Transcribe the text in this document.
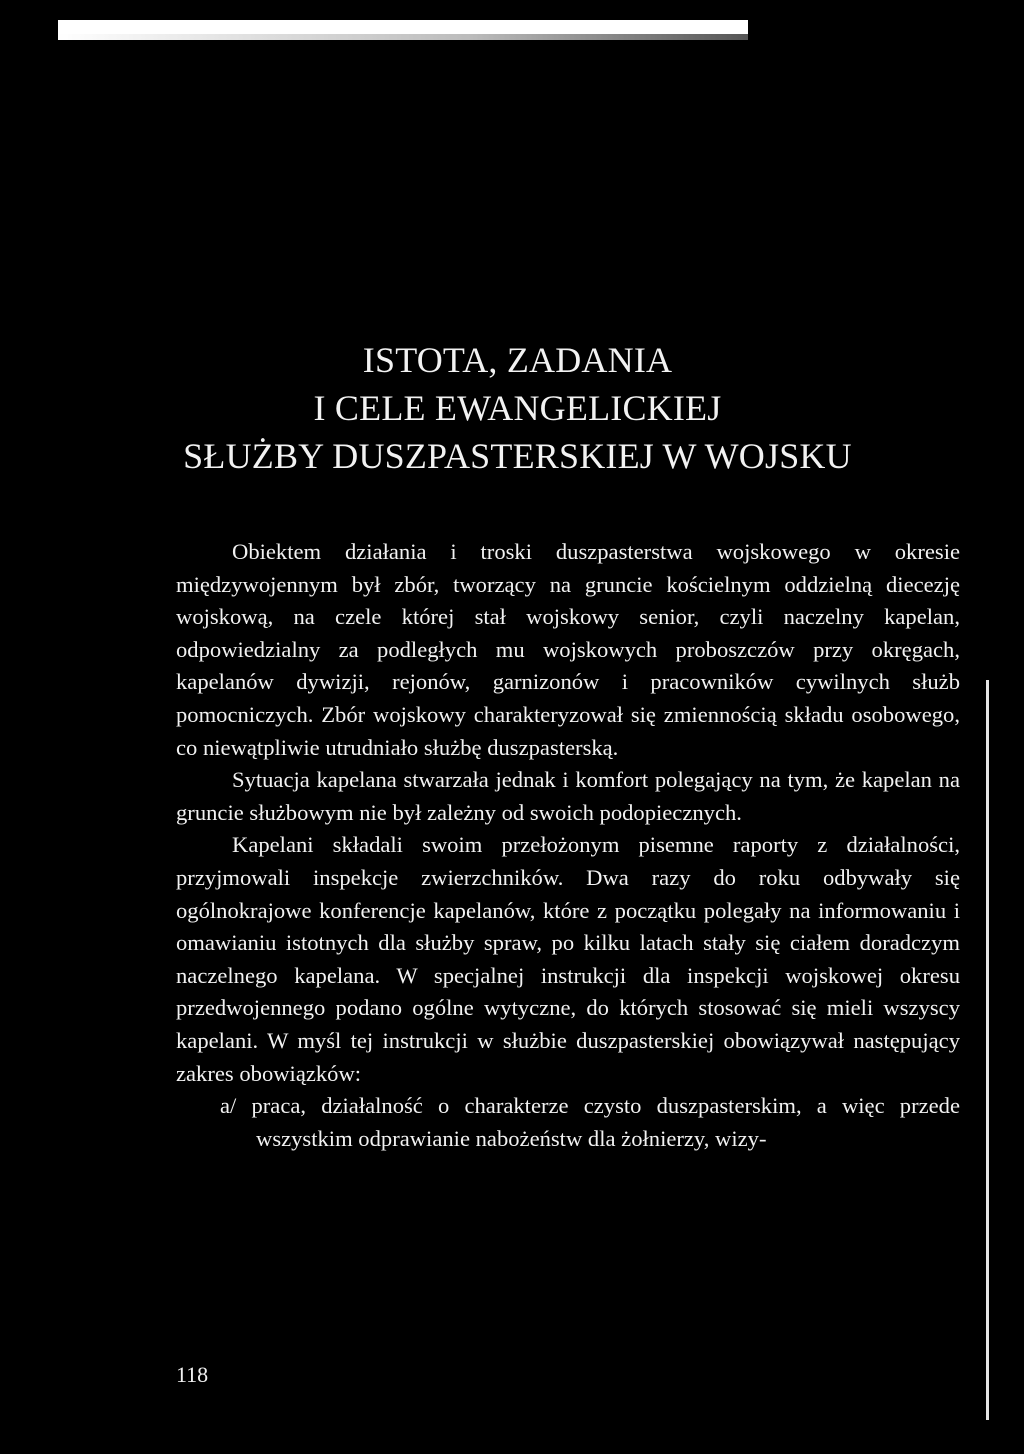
ISTOTA, ZADANIA
I CELE EWANGELICKIEJ
SŁUŻBY DUSZPASTERSKIEJ W WOJSKU

Obiektem działania i troski duszpasterstwa wojskowego w okresie międzywojennym był zbór, tworzący na gruncie kościelnym oddzielną diecezję wojskową, na czele której stał wojskowy senior, czyli naczelny kapelan, odpowiedzialny za podległych mu wojskowych proboszczów przy okręgach, kapelanów dywizji, rejonów, garnizonów i pracowników cywilnych służb pomocniczych. Zbór wojskowy charakteryzował się zmiennością składu osobowego, co niewątpliwie utrudniało służbę duszpasterską.

Sytuacja kapelana stwarzała jednak i komfort polegający na tym, że kapelan na gruncie służbowym nie był zależny od swoich podopiecznych.

Kapelani składali swoim przełożonym pisemne raporty z działalności, przyjmowali inspekcje zwierzchników. Dwa razy do roku odbywały się ogólnokrajowe konferencje kapelanów, które z początku polegały na informowaniu i omawianiu istotnych dla służby spraw, po kilku latach stały się ciałem doradczym naczelnego kapelana. W specjalnej instrukcji dla inspekcji wojskowej okresu przedwojennego podano ogólne wytyczne, do których stosować się mieli wszyscy kapelani. W myśl tej instrukcji w służbie duszpasterskiej obowiązywał następujący zakres obowiązków:

a/ praca, działalność o charakterze czysto duszpasterskim, a więc przede wszystkim odprawianie nabożeństw dla żołnierzy, wizy-

118
